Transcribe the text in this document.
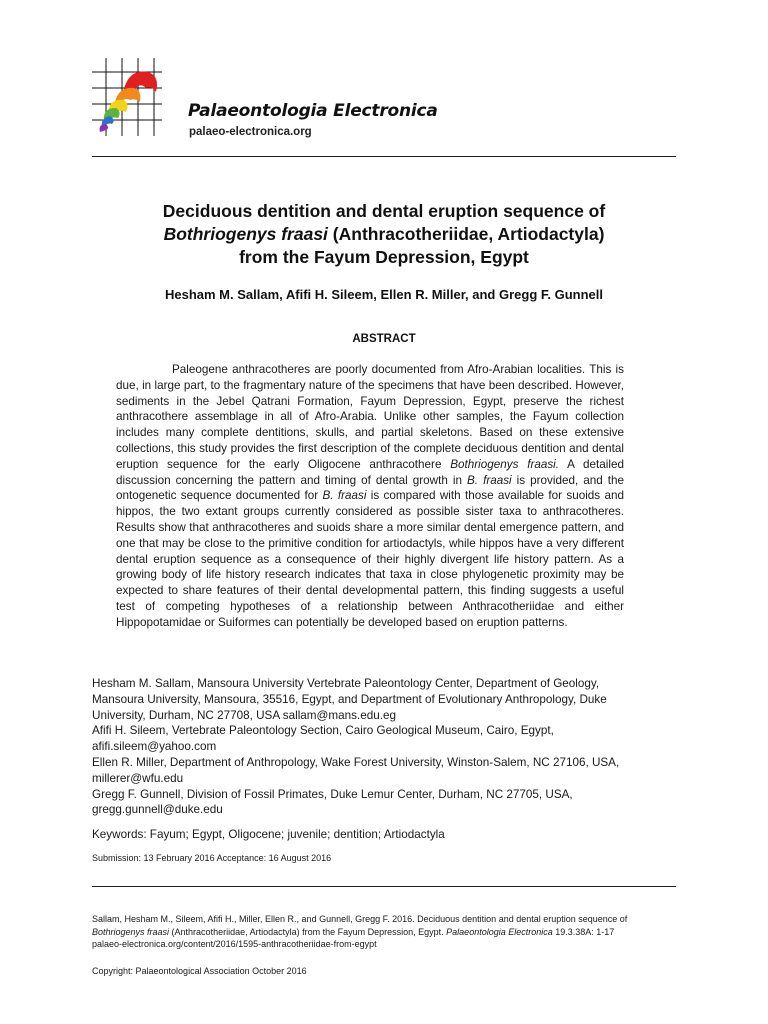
Palaeontologia Electronica
palaeo-electronica.org

Deciduous dentition and dental eruption sequence of

Bothriogenys fraasi (Anthracotheriidae, Artiodactyla)

from the Fayum Depression, Egypt

Hesham M. Sallam, Afifi H. Sileem, Ellen R. Miller, and Gregg F. Gunnell
ABSTRACT

Paleogene anthracotheres are poorly documented from Afro-Arabian localities. This is due, in large part, to the fragmentary nature of the specimens that have been described. However, sediments in the Jebel Qatrani Formation, Fayum Depression, Egypt, preserve the richest anthracothere assemblage in all of Afro-Arabia. Unlike other samples, the Fayum collection includes many complete dentitions, skulls, and partial skeletons. Based on these extensive collections, this study provides the first description of the complete deciduous dentition and dental eruption sequence for the early Oligocene anthracothere Bothriogenys fraasi. A detailed discussion concerning the pattern and timing of dental growth in B. fraasi is provided, and the ontogenetic sequence documented for B. fraasi is compared with those available for suoids and hippos, the two extant groups currently considered as possible sister taxa to anthracotheres. Results show that anthracotheres and suoids share a more similar dental emergence pattern, and one that may be close to the primitive condition for artiodactyls, while hippos have a very different dental eruption sequence as a consequence of their highly divergent life history pattern. As a growing body of life history research indicates that taxa in close phylogenetic proximity may be expected to share features of their dental developmental pattern, this finding suggests a useful test of competing hypotheses of a relationship between Anthracotheriidae and either Hippopotamidae or Suiformes can potentially be developed based on eruption patterns.

Hesham M. Sallam, Mansoura University Vertebrate Paleontology Center, Department of Geology,
Mansoura University, Mansoura, 35516, Egypt, and Department of Evolutionary Anthropology, Duke
University, Durham, NC 27708, USA sallam@mans.edu.eg
Afifi H. Sileem, Vertebrate Paleontology Section, Cairo Geological Museum, Cairo, Egypt,
afifi.sileem@yahoo.com
Ellen R. Miller, Department of Anthropology, Wake Forest University, Winston-Salem, NC 27106, USA,
millerer@wfu.edu
Gregg F. Gunnell, Division of Fossil Primates, Duke Lemur Center, Durham, NC 27705, USA,
gregg.gunnell@duke.edu
Keywords: Fayum; Egypt, Oligocene; juvenile; dentition; Artiodactyla
Submission: 13 February 2016 Acceptance: 16 August 2016
Sallam, Hesham M., Sileem, Afifi H., Miller, Ellen R., and Gunnell, Gregg F. 2016. Deciduous dentition and dental eruption sequence of Bothriogenys fraasi (Anthracotheriidae, Artiodactyla) from the Fayum Depression, Egypt. Palaeontologia Electronica 19.3.38A: 1-17
palaeo-electronica.org/content/2016/1595-anthracotheriidae-from-egypt
Copyright: Palaeontological Association October 2016
